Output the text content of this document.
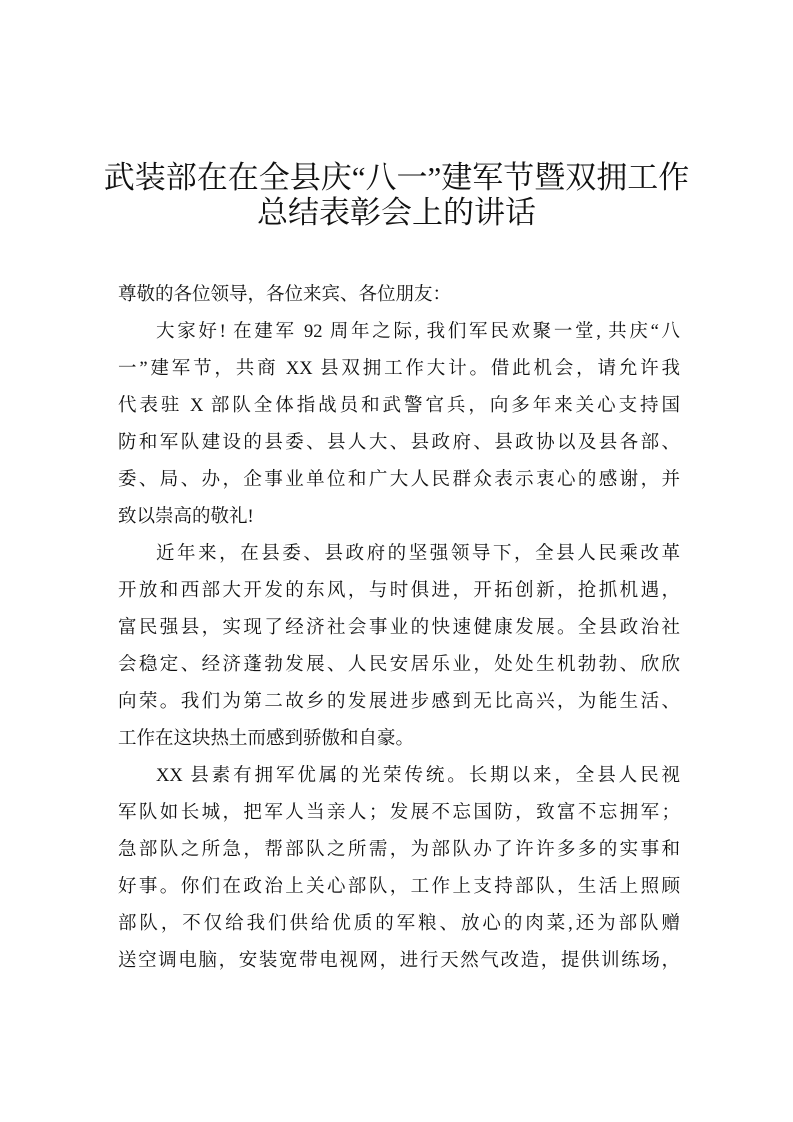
武装部在在全县庆“八一”建军节暨双拥工作
总结表彰会上的讲话
尊敬的各位领导，各位来宾、各位朋友：
大家好! 在建军 92 周年之际, 我们军民欢聚一堂, 共庆“八
一”建军节，共商 XX 县双拥工作大计。借此机会，请允许我
代表驻 X 部队全体指战员和武警官兵，向多年来关心支持国
防和军队建设的县委、县人大、县政府、县政协以及县各部、
委、局、办，企事业单位和广大人民群众表示衷心的感谢，并
致以崇高的敬礼!
近年来，在县委、县政府的坚强领导下，全县人民乘改革
开放和西部大开发的东风，与时俱进，开拓创新，抢抓机遇，
富民强县，实现了经济社会事业的快速健康发展。全县政治社
会稳定、经济蓬勃发展、人民安居乐业，处处生机勃勃、欣欣
向荣。我们为第二故乡的发展进步感到无比高兴，为能生活、
工作在这块热土而感到骄傲和自豪。
XX 县素有拥军优属的光荣传统。长期以来，全县人民视
军队如长城，把军人当亲人；发展不忘国防，致富不忘拥军；
急部队之所急，帮部队之所需，为部队办了许许多多的实事和
好事。你们在政治上关心部队，工作上支持部队，生活上照顾
部队，不仅给我们供给优质的军粮、放心的肉菜,还为部队赠
送空调电脑，安装宽带电视网，进行天然气改造，提供训练场，
